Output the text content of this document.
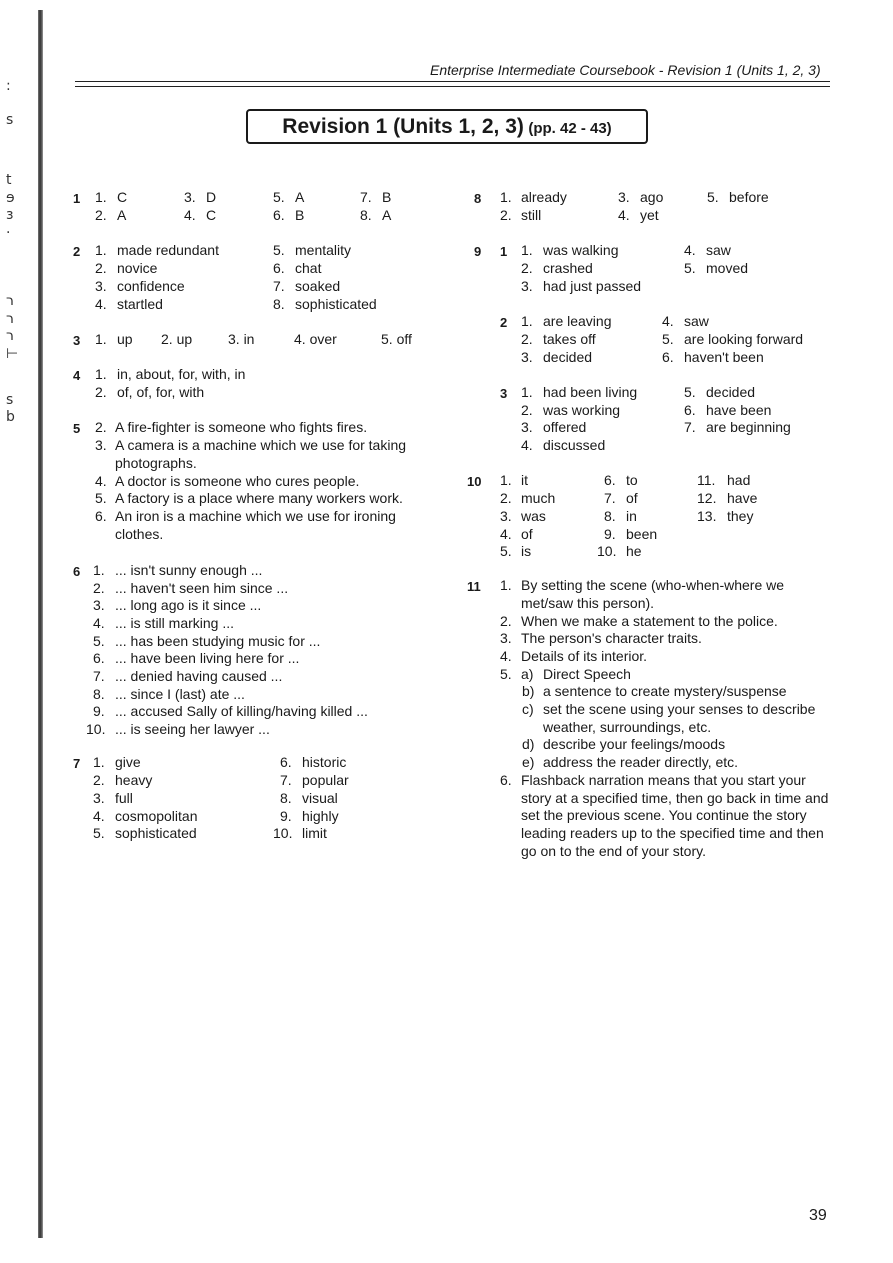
:
ꜱ
t
ɘ
ɜ
·
ר
ר
ר
⊢
s
b
Enterprise Intermediate Coursebook - Revision 1 (Units 1, 2, 3)
Revision 1 (Units 1, 2, 3) (pp. 42 - 43)
1 1. C	3. D	5. A	7. B
2. A	4. C	6. B	8. A
2 1. made redundant	5. mentality
2. novice	6. chat
3. confidence	7. soaked
4. startled	8. sophisticated
3 1. up 2. up	3. in	4. over	5. off
4 1. in, about, for, with, in
2. of, of, for, with
5 2. A fire-fighter is someone who fights fires.
3. A camera is a machine which we use for taking
photographs.
4. A doctor is someone who cures people.
5. A factory is a place where many workers work.
6. An iron is a machine which we use for ironing
clothes.
6 1. ... isn't sunny enough ...
2. ... haven't seen him since ...
3. ... long ago is it since ...
4. ... is still marking ...
5. ... has been studying music for ...
6. ... have been living here for ...
7. ... denied having caused ...
8. ... since I (last) ate ...
9. ... accused Sally of killing/having killed ...
10. ... is seeing her lawyer ...
7 1. give	6. historic
2. heavy	7. popular
3. full	8. visual
4. cosmopolitan	9. highly
5. sophisticated	10. limit
8 1. already	3. ago	5. before
2. still	4. yet
9 1 1. was walking	4. saw
2. crashed	5. moved
3. had just passed
2 1. are leaving	4. saw
2. takes off	5. are looking forward
3. decided	6. haven't been
3 1. had been living	5. decided
2. was working	6. have been
3. offered	7. are beginning
4. discussed
10 1. it	6. to	11. had
2. much	7. of	12. have
3. was	8. in	13. they
4. of	9. been
5. is	10. he
11 1. By setting the scene (who-when-where we
met/saw this person).
2. When we make a statement to the police.
3. The person's character traits.
4. Details of its interior.
5. a) Direct Speech
b) a sentence to create mystery/suspense
c) set the scene using your senses to describe
weather, surroundings, etc.
d) describe your feelings/moods
e) address the reader directly, etc.
6. Flashback narration means that you start your
story at a specified time, then go back in time and
set the previous scene. You continue the story
leading readers up to the specified time and then
go on to the end of your story.
39
